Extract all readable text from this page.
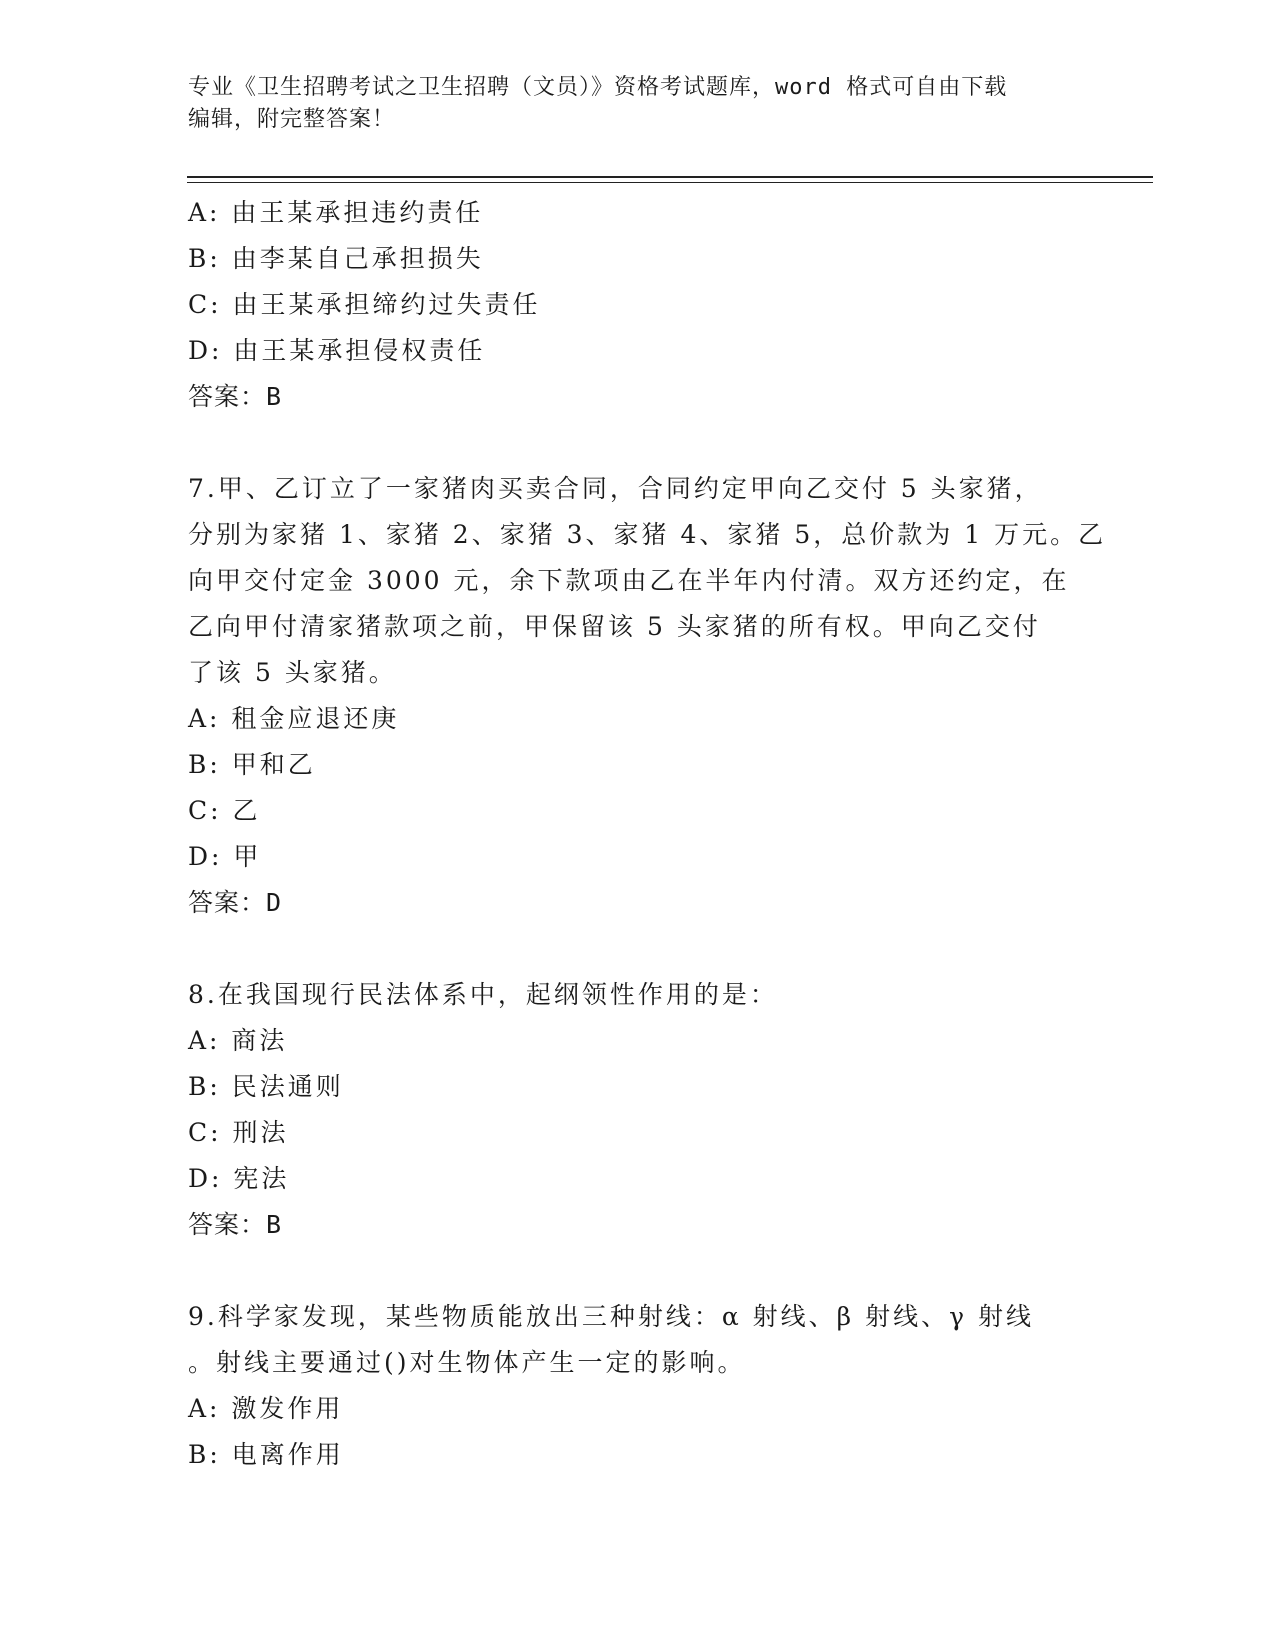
专业《卫生招聘考试之卫生招聘（文员）》资格考试题库，word 格式可自由下载
编辑，附完整答案！
A: 由王某承担违约责任
B: 由李某自己承担损失
C: 由王某承担缔约过失责任
D: 由王某承担侵权责任
答案：B
7.甲、乙订立了一家猪肉买卖合同，合同约定甲向乙交付 5 头家猪，
分别为家猪 1、家猪 2、家猪 3、家猪 4、家猪 5，总价款为 1 万元。乙
向甲交付定金 3000 元，余下款项由乙在半年内付清。双方还约定，在
乙向甲付清家猪款项之前，甲保留该 5 头家猪的所有权。甲向乙交付
了该 5 头家猪。
A: 租金应退还庚
B: 甲和乙
C: 乙
D: 甲
答案：D
8.在我国现行民法体系中，起纲领性作用的是：
A: 商法
B: 民法通则
C: 刑法
D: 宪法
答案：B
9.科学家发现，某些物质能放出三种射线：α 射线、β 射线、γ 射线
。射线主要通过()对生物体产生一定的影响。
A: 激发作用
B: 电离作用
